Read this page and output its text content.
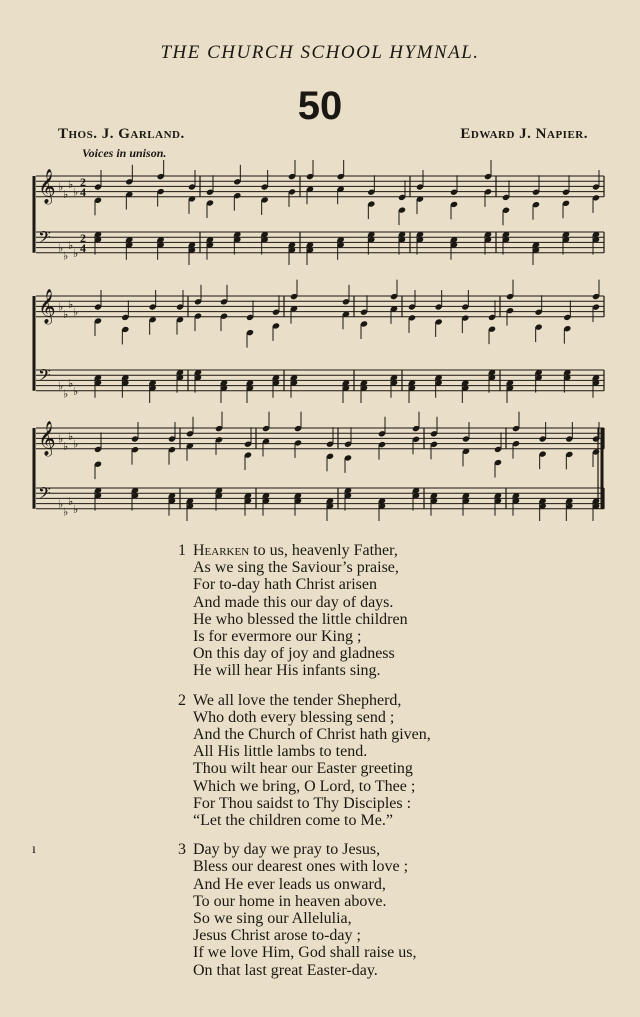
THE CHURCH SCHOOL HYMNAL.
50
Thos. J. Garland.	Edward J. Napier.
Voices in unison.
𝄞 ♭
♭
♭
♭
2
4
𝄢 ♭
♭
♭
♭
2
4
𝄞 ♭
♭
♭
♭
𝄢 ♭
♭
♭
♭
𝄞 ♭
♭
♭
♭
𝄢 ♭
♭
♭
♭
ı
1 Hearken to us, heavenly Father,
As we sing the Saviour’s praise,
For to-day hath Christ arisen
And made this our day of days.
He who blessed the little children
Is for evermore our King ;
On this day of joy and gladness
He will hear His infants sing.
2 We all love the tender Shepherd,
Who doth every blessing send ;
And the Church of Christ hath given,
All His little lambs to tend.
Thou wilt hear our Easter greeting
Which we bring, O Lord, to Thee ;
For Thou saidst to Thy Disciples :
“Let the children come to Me.”
3 Day by day we pray to Jesus,
Bless our dearest ones with love ;
And He ever leads us onward,
To our home in heaven above.
So we sing our Allelulia,
Jesus Christ arose to-day ;
If we love Him, God shall raise us,
On that last great Easter-day.
